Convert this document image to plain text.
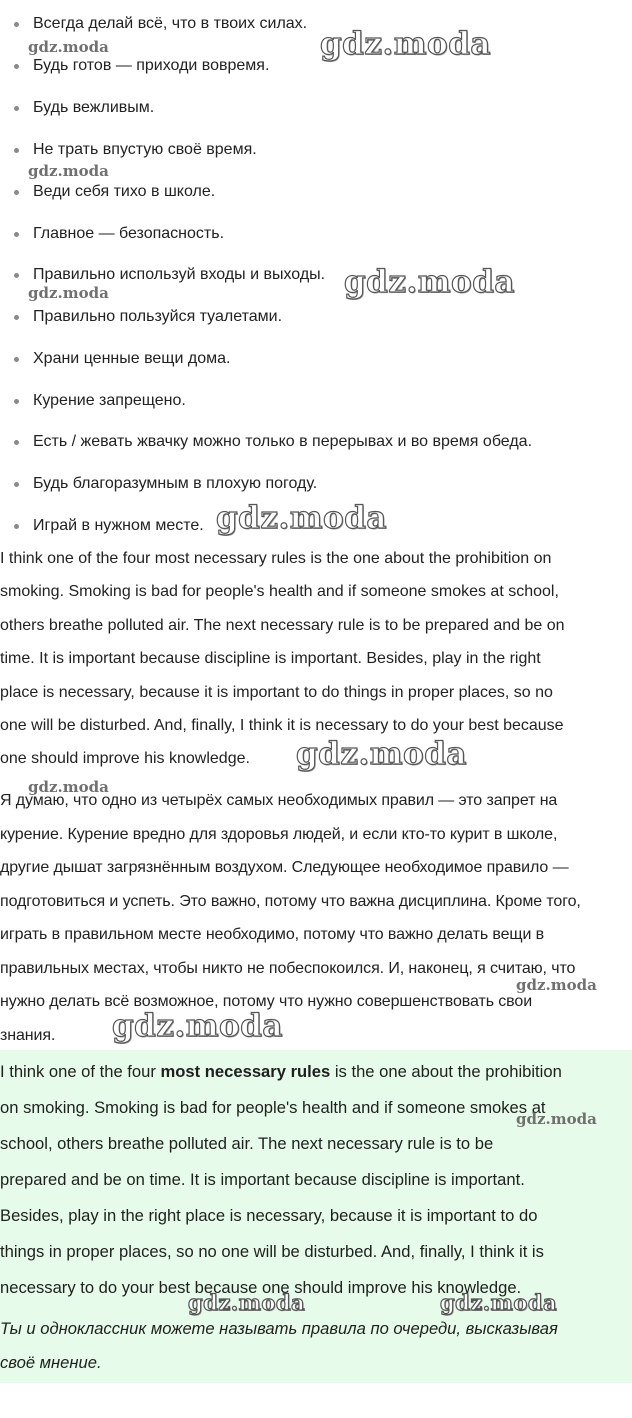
Всегда делай всё, что в твоих силах.
Будь готов — приходи вовремя.
Будь вежливым.
Не трать впустую своё время.
Веди себя тихо в школе.
Главное — безопасность.
Правильно используй входы и выходы.
Правильно пользуйся туалетами.
Храни ценные вещи дома.
Курение запрещено.
Есть / жевать жвачку можно только в перерывах и во время обеда.
Будь благоразумным в плохую погоду.
Играй в нужном месте.

I think one of the four most necessary rules is the one about the prohibition on
smoking. Smoking is bad for people's health and if someone smokes at school,
others breathe polluted air. The next necessary rule is to be prepared and be on
time. It is important because discipline is important. Besides, play in the right
place is necessary, because it is important to do things in proper places, so no
one will be disturbed. And, finally, I think it is necessary to do your best because
one should improve his knowledge.

Я думаю, что одно из четырёх самых необходимых правил — это запрет на
курение. Курение вредно для здоровья людей, и если кто-то курит в школе,
другие дышат загрязнённым воздухом. Следующее необходимое правило —
подготовиться и успеть. Это важно, потому что важна дисциплина. Кроме того,
играть в правильном месте необходимо, потому что важно делать вещи в
правильных местах, чтобы никто не побеспокоился. И, наконец, я считаю, что
нужно делать всё возможное, потому что нужно совершенствовать свои
знания.

I think one of the four most necessary rules is the one about the prohibition
on smoking. Smoking is bad for people's health and if someone smokes at
school, others breathe polluted air. The next necessary rule is to be
prepared and be on time. It is important because discipline is important.
Besides, play in the right place is necessary, because it is important to do
things in proper places, so no one will be disturbed. And, finally, I think it is
necessary to do your best because one should improve his knowledge.

Ты и одноклассник можете называть правила по очереди, высказывая
своё мнение.

gdz.moda	gdz.moda
gdz.moda
gdz.moda
gdz.moda
gdz.moda
gdz.moda
gdz.moda
gdz.moda
gdz.moda
gdz.moda
gdz.moda	gdz.moda
